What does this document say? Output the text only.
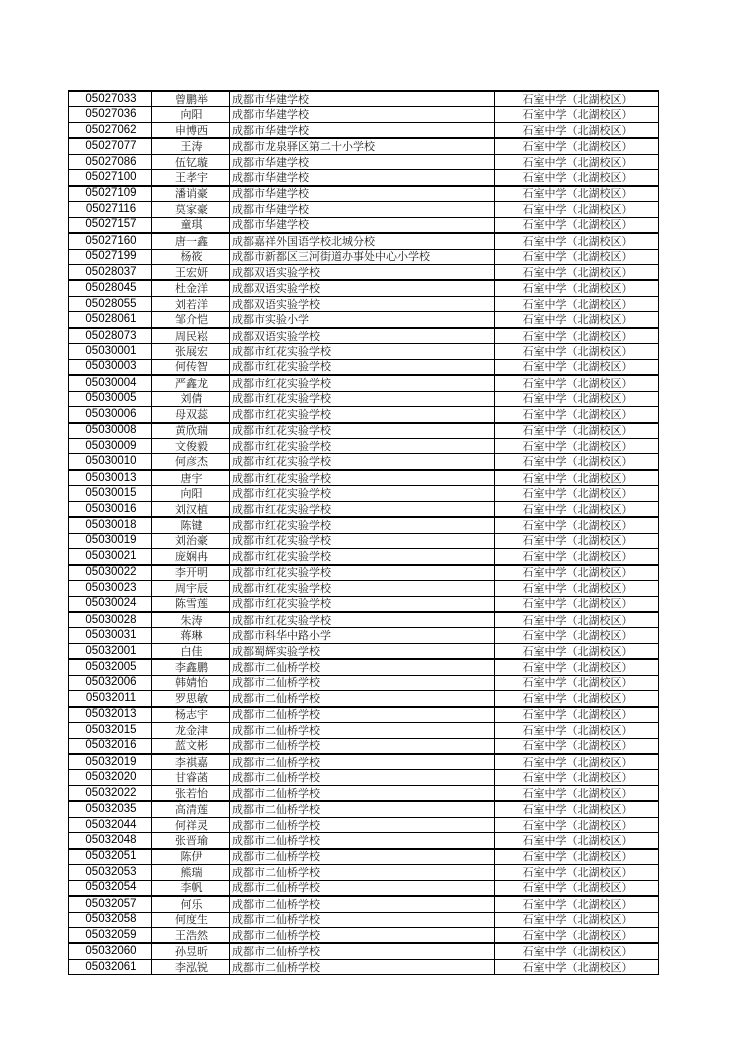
05027033	曾鹏举	成都市华建学校	石室中学（北湖校区）
05027036	向阳	成都市华建学校	石室中学（北湖校区）
05027062	申博西	成都市华建学校	石室中学（北湖校区）
05027077	王涛	成都市龙泉驿区第二十小学校	石室中学（北湖校区）
05027086	伍钇璇	成都市华建学校	石室中学（北湖校区）
05027100	王孝宇	成都市华建学校	石室中学（北湖校区）
05027109	潘诮豪	成都市华建学校	石室中学（北湖校区）
05027116	莫家豪	成都市华建学校	石室中学（北湖校区）
05027157	童琪	成都市华建学校	石室中学（北湖校区）
05027160	唐一鑫	成都嘉祥外国语学校北城分校	石室中学（北湖校区）
05027199	杨筱	成都市新都区三河街道办事处中心小学校	石室中学（北湖校区）
05028037	王宏妍	成都双语实验学校	石室中学（北湖校区）
05028045	杜金洋	成都双语实验学校	石室中学（北湖校区）
05028055	刘若洋	成都双语实验学校	石室中学（北湖校区）
05028061	邹介恺	成都市实验小学	石室中学（北湖校区）
05028073	周民崧	成都双语实验学校	石室中学（北湖校区）
05030001	张展宏	成都市红花实验学校	石室中学（北湖校区）
05030003	何传智	成都市红花实验学校	石室中学（北湖校区）
05030004	严鑫龙	成都市红花实验学校	石室中学（北湖校区）
05030005	刘倩	成都市红花实验学校	石室中学（北湖校区）
05030006	母双蕊	成都市红花实验学校	石室中学（北湖校区）
05030008	黄欣瑞	成都市红花实验学校	石室中学（北湖校区）
05030009	文俊毅	成都市红花实验学校	石室中学（北湖校区）
05030010	何彦杰	成都市红花实验学校	石室中学（北湖校区）
05030013	唐宇	成都市红花实验学校	石室中学（北湖校区）
05030015	向阳	成都市红花实验学校	石室中学（北湖校区）
05030016	刘汉植	成都市红花实验学校	石室中学（北湖校区）
05030018	陈键	成都市红花实验学校	石室中学（北湖校区）
05030019	刘治豪	成都市红花实验学校	石室中学（北湖校区）
05030021	庞娴冉	成都市红花实验学校	石室中学（北湖校区）
05030022	李开明	成都市红花实验学校	石室中学（北湖校区）
05030023	周宇辰	成都市红花实验学校	石室中学（北湖校区）
05030024	陈雪莲	成都市红花实验学校	石室中学（北湖校区）
05030028	朱涛	成都市红花实验学校	石室中学（北湖校区）
05030031	蒋琳	成都市科华中路小学	石室中学（北湖校区）
05032001	白佳	成都蜀辉实验学校	石室中学（北湖校区）
05032005	李鑫鹏	成都市二仙桥学校	石室中学（北湖校区）
05032006	韩婧怡	成都市二仙桥学校	石室中学（北湖校区）
05032011	罗思敏	成都市二仙桥学校	石室中学（北湖校区）
05032013	杨志宇	成都市二仙桥学校	石室中学（北湖校区）
05032015	龙金津	成都市二仙桥学校	石室中学（北湖校区）
05032016	蓝文彬	成都市二仙桥学校	石室中学（北湖校区）
05032019	李祺嘉	成都市二仙桥学校	石室中学（北湖校区）
05032020	甘睿菡	成都市二仙桥学校	石室中学（北湖校区）
05032022	张若怡	成都市二仙桥学校	石室中学（北湖校区）
05032035	高清莲	成都市二仙桥学校	石室中学（北湖校区）
05032044	何祥灵	成都市二仙桥学校	石室中学（北湖校区）
05032048	张晋瑜	成都市二仙桥学校	石室中学（北湖校区）
05032051	陈伊	成都市二仙桥学校	石室中学（北湖校区）
05032053	熊瑞	成都市二仙桥学校	石室中学（北湖校区）
05032054	李帆	成都市二仙桥学校	石室中学（北湖校区）
05032057	何乐	成都市二仙桥学校	石室中学（北湖校区）
05032058	何度生	成都市二仙桥学校	石室中学（北湖校区）
05032059	王浩然	成都市二仙桥学校	石室中学（北湖校区）
05032060	孙昱昕	成都市二仙桥学校	石室中学（北湖校区）
05032061	李泓锐	成都市二仙桥学校	石室中学（北湖校区）
